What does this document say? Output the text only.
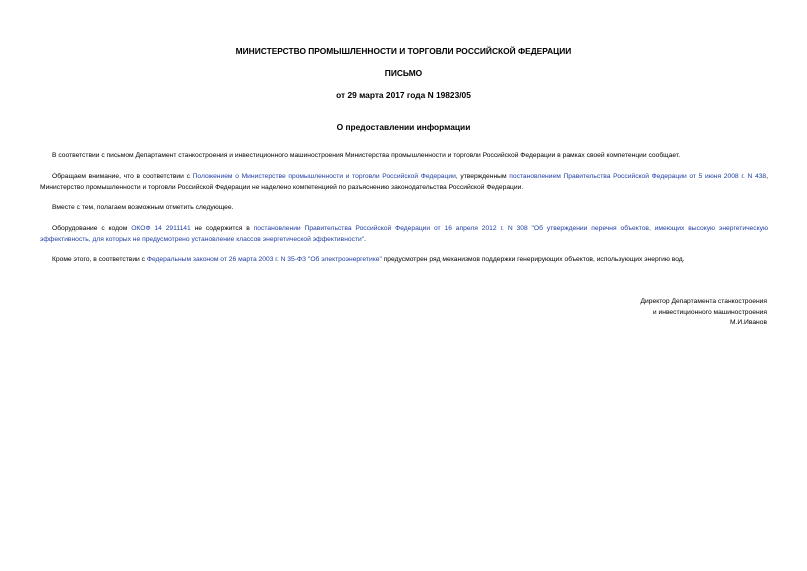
МИНИСТЕРСТВО ПРОМЫШЛЕННОСТИ И ТОРГОВЛИ РОССИЙСКОЙ ФЕДЕРАЦИИ
ПИСЬМО
от 29 марта 2017 года N 19823/05
О предоставлении информации
В соответствии с письмом Департамент станкостроения и инвестиционного машиностроения Министерства промышленности и торговли Российской Федерации в рамках своей компетенции сообщает.
Обращаем внимание, что в соответствии с Положением о Министерстве промышленности и торговли Российской Федерации, утвержденным постановлением Правительства Российской Федерации от 5 июня 2008 г. N 438, Министерство промышленности и торговли Российской Федерации не наделено компетенцией по разъяснению законодательства Российской Федерации.
Вместе с тем, полагаем возможным отметить следующее.
Оборудование с кодом ОКОФ 14 2911141 не содержится в постановлении Правительства Российской Федерации от 16 апреля 2012 г. N 308 "Об утверждении перечня объектов, имеющих высокую энергетическую эффективность, для которых не предусмотрено установление классов энергетической эффективности".
Кроме этого, в соответствии с Федеральным законом от 26 марта 2003 г. N 35-ФЗ "Об электроэнергетике" предусмотрен ряд механизмов поддержки генерирующих объектов, использующих энергию вод.
Директор Департамента станкостроения
и инвестиционного машиностроения
М.И.Иванов
